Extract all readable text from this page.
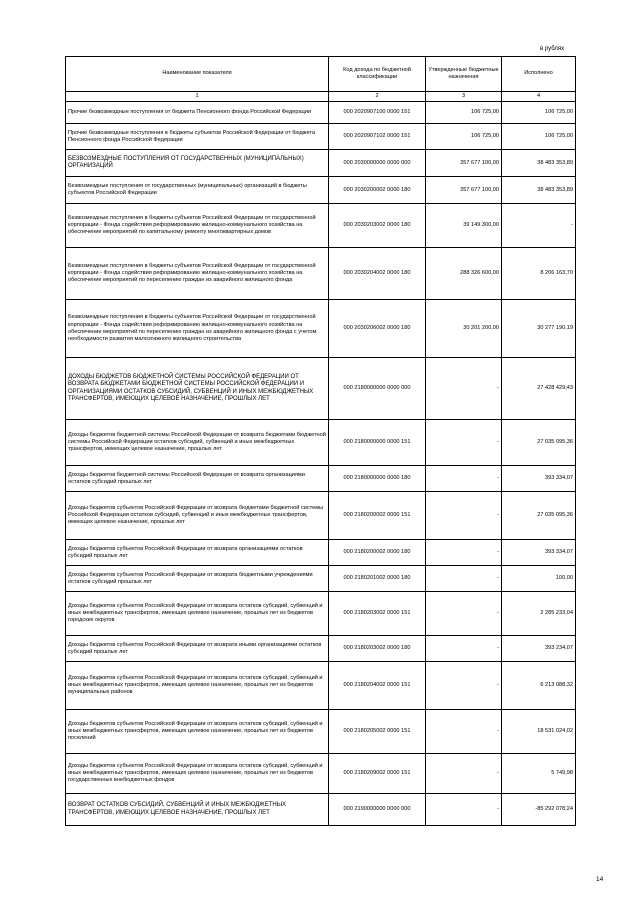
в рублях
Наименование показателя	Код дохода по бюджетной классификации	Утвержденные бюджетные назначения	Исполнено
1	2	3	4
Прочие безвозмездные поступления от бюджета Пенсионного фонда Российской Федерации	000 2020907100 0000 151	106 725,00	106 725,00
Прочие безвозмездные поступления в бюджеты субъектов Российской Федерации от бюджета Пенсионного фонда Российской Федерации	000 2020907102 0000 151	106 725,00	106 725,00
БЕЗВОЗМЕЗДНЫЕ ПОСТУПЛЕНИЯ ОТ ГОСУДАРСТВЕННЫХ (МУНИЦИПАЛЬНЫХ) ОРГАНИЗАЦИЙ	000 2030000000 0000 000	357 677 100,00	38 483 353,89
Безвозмездные поступления от государственных (муниципальных) организаций в бюджеты субъектов Российской Федерации	000 2030200002 0000 180	357 677 100,00	38 483 353,89
Безвозмездные поступления в бюджеты субъектов Российской Федерации от государственной корпорации - Фонда содействия реформированию жилищно-коммунального хозяйства на обеспечение мероприятий по капитальному ремонту многоквартирных домов	000 2030203002 0000 180	39 149 300,00	-
Безвозмездные поступления в бюджеты субъектов Российской Федерации от государственной корпорации - Фонда содействия реформированию жилищно-коммунального хозяйства на обеспечение мероприятий по переселению граждан из аварийного жилищного фонда	000 2030204002 0000 180	288 326 600,00	8 206 163,70
Безвозмездные поступления в бюджеты субъектов Российской Федерации от государственной корпорации - Фонда содействия реформированию жилищно-коммунального хозяйства на обеспечение мероприятий по переселению граждан из аварийного жилищного фонда с учетом необходимости развития малоэтажного жилищного строительства	000 2030206002 0000 180	30 201 200,00	30 277 190,19
ДОХОДЫ БЮДЖЕТОВ БЮДЖЕТНОЙ СИСТЕМЫ РОССИЙСКОЙ ФЕДЕРАЦИИ ОТ ВОЗВРАТА БЮДЖЕТАМИ БЮДЖЕТНОЙ СИСТЕМЫ РОССИЙСКОЙ ФЕДЕРАЦИИ И ОРГАНИЗАЦИЯМИ ОСТАТКОВ СУБСИДИЙ, СУБВЕНЦИЙ И ИНЫХ МЕЖБЮДЖЕТНЫХ ТРАНСФЕРТОВ, ИМЕЮЩИХ ЦЕЛЕВОЕ НАЗНАЧЕНИЕ, ПРОШЛЫХ ЛЕТ	000 2180000000 0000 000	-	27 428 429,43
Доходы бюджетов бюджетной системы Российской Федерации от возврата бюджетами бюджетной системы Российской Федерации остатков субсидий, субвенций и иных межбюджетных трансфертов, имеющих целевое назначение, прошлых лет	000 2180000000 0000 151	-	27 035 095,36
Доходы бюджетов бюджетной системы Российской Федерации от возврата организациями остатков субсидий прошлых лет	000 2180000000 0000 180	-	393 334,07
Доходы бюджетов субъектов Российской Федерации от возврата бюджетами бюджетной системы Российской Федерации остатков субсидий, субвенций и иных межбюджетных трансфертов, имеющих целевое назначение, прошлых лет	000 2180200002 0000 151	-	27 035 095,36
Доходы бюджетов субъектов Российской Федерации от возврата организациями остатков субсидий прошлых лет	000 2180200002 0000 180	-	393 334,07
Доходы бюджетов субъектов Российской Федерации от возврата бюджетными учреждениями остатков субсидий прошлых лет	000 2180201002 0000 180	-	100,00
Доходы бюджетов субъектов Российской Федерации от возврата остатков субсидий, субвенций и иных межбюджетных трансфертов, имеющих целевое назначение, прошлых лет из бюджетов городских округов	000 2180203002 0000 151	-	2 285 233,04
Доходы бюджетов субъектов Российской Федерации от возврата иными организациями остатков субсидий прошлых лет	000 2180203002 0000 180	-	393 234,07
Доходы бюджетов субъектов Российской Федерации от возврата остатков субсидий, субвенций и иных межбюджетных трансфертов, имеющих целевое назначение, прошлых лет из бюджетов муниципальных районов	000 2180204002 0000 151	-	6 213 088,32
Доходы бюджетов субъектов Российской Федерации от возврата остатков субсидий, субвенций и иных межбюджетных трансфертов, имеющих целевое назначение, прошлых лет из бюджетов поселений	000 2180205002 0000 151	-	18 531 024,02
Доходы бюджетов субъектов Российской Федерации от возврата остатков субсидий, субвенций и иных межбюджетных трансфертов, имеющих целевое назначение, прошлых лет из бюджетов государственных внебюджетных фондов	000 2180209002 0000 151	-	5 749,98
ВОЗВРАТ ОСТАТКОВ СУБСИДИЙ, СУБВЕНЦИЙ И ИНЫХ МЕЖБЮДЖЕТНЫХ ТРАНСФЕРТОВ, ИМЕЮЩИХ ЦЕЛЕВОЕ НАЗНАЧЕНИЕ, ПРОШЛЫХ ЛЕТ	000 2190000000 0000 000	-	-85 292 078,24
14
